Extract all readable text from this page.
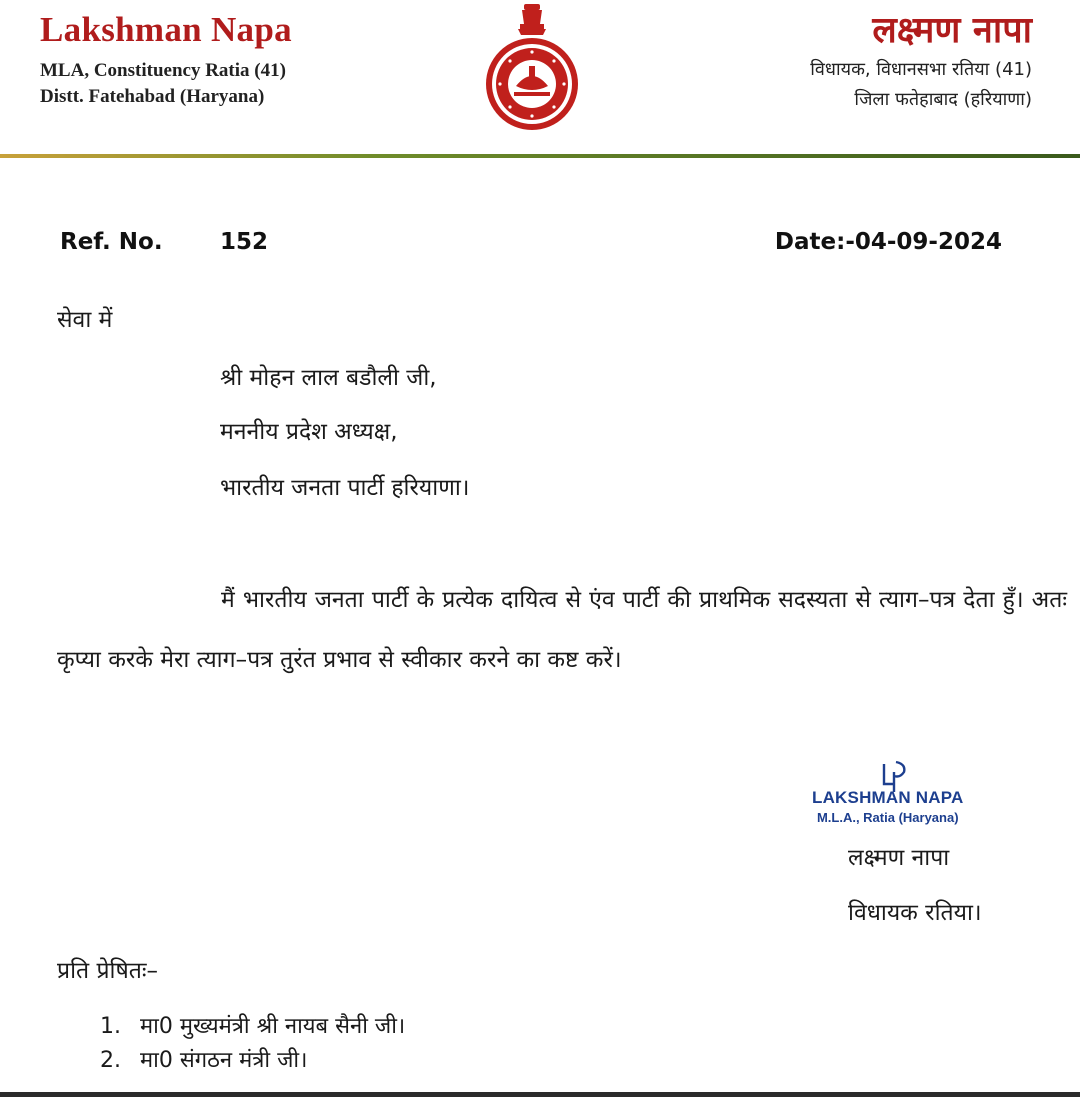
Lakshman Napa
MLA, Constituency Ratia (41)
Distt. Fatehabad (Haryana)
लक्ष्मण नापा
विधायक, विधानसभा रतिया (41)
जिला फतेहाबाद (हरियाणा)
Ref. No. 152	Date:-04-09-2024
सेवा में
श्री मोहन लाल बडौली जी,
मननीय प्रदेश अध्यक्ष,
भारतीय जनता पार्टी हरियाणा।
मैं भारतीय जनता पार्टी के प्रत्येक दायित्व से एंव पार्टी की प्राथमिक सदस्यता से त्याग–पत्र देता हुँ। अतः कृप्या करके मेरा त्याग–पत्र तुरंत प्रभाव से स्वीकार करने का कष्ट करें।
LAKSHMAN NAPA
M.L.A., Ratia (Haryana)
लक्ष्मण नापा
विधायक रतिया।
प्रति प्रेषितः–
1. मा0 मुख्यमंत्री श्री नायब सैनी जी।
2. मा0 संगठन मंत्री जी।
